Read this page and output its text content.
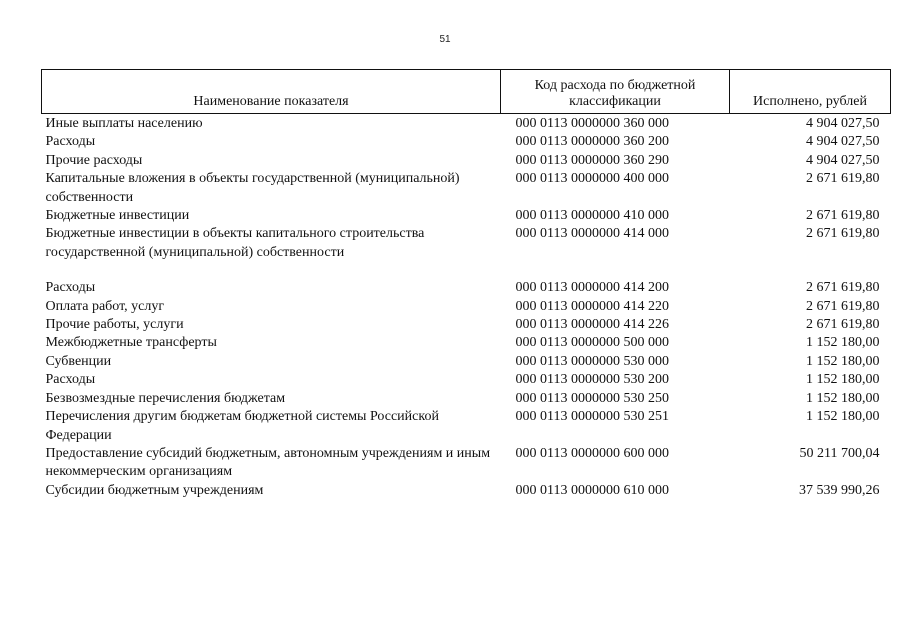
51
Наименование показателя	Код расхода по бюджетной классификации	Исполнено, рублей
Иные выплаты населению	000 0113 0000000 360 000	4 904 027,50
Расходы	000 0113 0000000 360 200	4 904 027,50
Прочие расходы	000 0113 0000000 360 290	4 904 027,50
Капитальные вложения в объекты государственной (муниципальной) собственности	000 0113 0000000 400 000	2 671 619,80
Бюджетные инвестиции	000 0113 0000000 410 000	2 671 619,80
Бюджетные инвестиции в объекты капитального строительства государственной (муниципальной) собственности	000 0113 0000000 414 000	2 671 619,80
Расходы	000 0113 0000000 414 200	2 671 619,80
Оплата работ, услуг	000 0113 0000000 414 220	2 671 619,80
Прочие работы, услуги	000 0113 0000000 414 226	2 671 619,80
Межбюджетные трансферты	000 0113 0000000 500 000	1 152 180,00
Субвенции	000 0113 0000000 530 000	1 152 180,00
Расходы	000 0113 0000000 530 200	1 152 180,00
Безвозмездные перечисления бюджетам	000 0113 0000000 530 250	1 152 180,00
Перечисления другим бюджетам бюджетной системы Российской Федерации	000 0113 0000000 530 251	1 152 180,00
Предоставление субсидий бюджетным, автономным учреждениям и иным некоммерческим организациям	000 0113 0000000 600 000	50 211 700,04
Субсидии бюджетным учреждениям	000 0113 0000000 610 000	37 539 990,26
